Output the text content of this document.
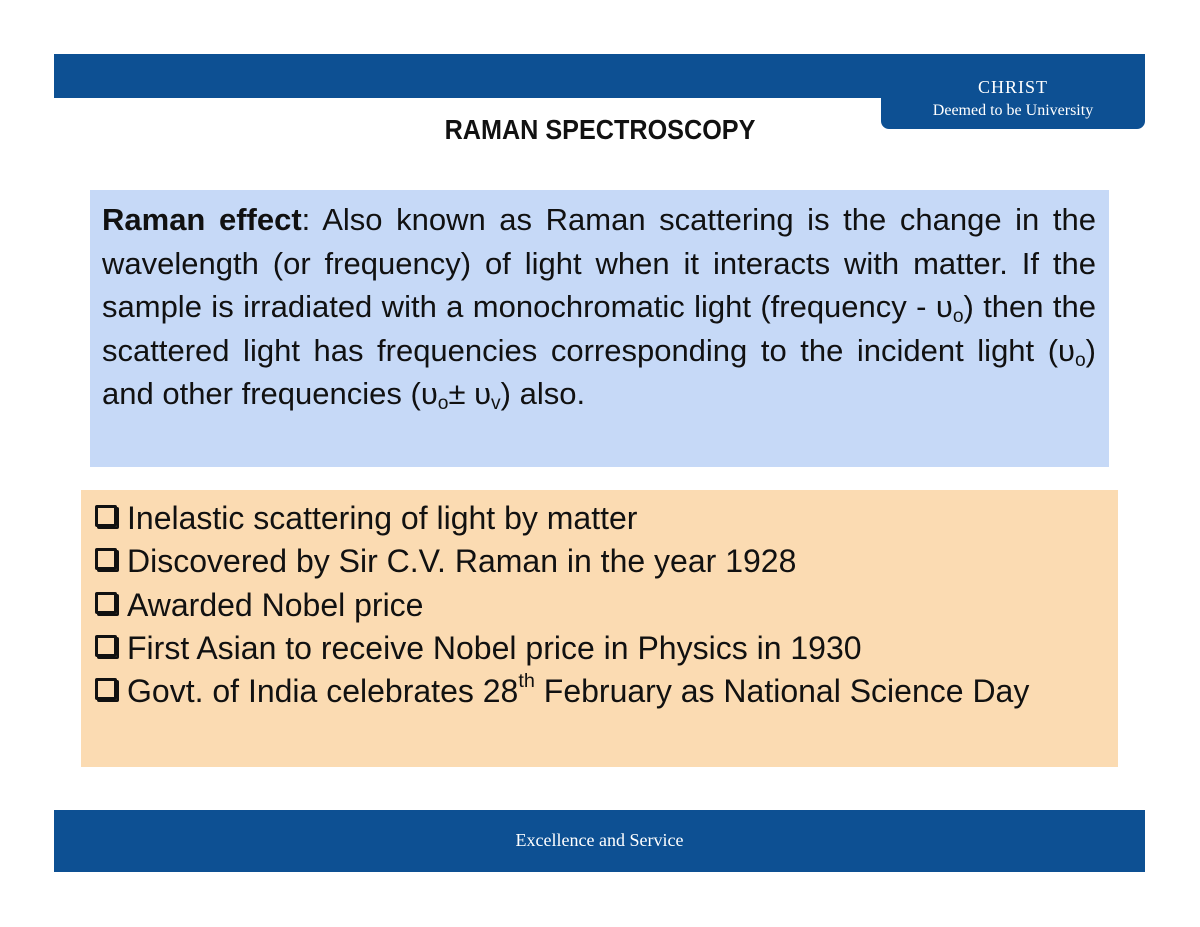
CHRIST
Deemed to be University
RAMAN SPECTROSCOPY

Raman effect: Also known as Raman scattering is the change in the wavelength (or frequency) of light when it interacts with matter. If the sample is irradiated with a monochromatic light (frequency - $\upsilon_o$) then the scattered light has frequencies corresponding to the incident light $(\upsilon_o)$ and other frequencies $(\upsilon_o\pm \upsilon_v)$ also.

Inelastic scattering of light by matter
Discovered by Sir C.V. Raman in the year 1928
Awarded Nobel price
First Asian to receive Nobel price in Physics in 1930
Govt. of India celebrates 28th February as National Science Day
Excellence and Service
